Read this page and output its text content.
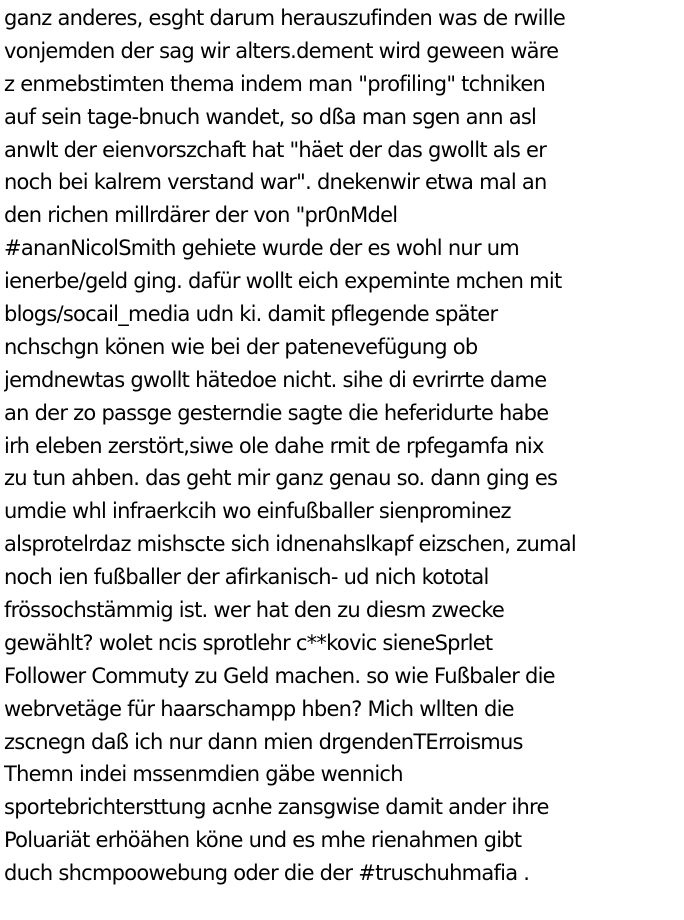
ganz anderes, esght darum herauszufinden was de rwille
vonjemden der sag wir alters.dement wird geween wäre
z enmebstimten thema indem man "profiling" tchniken
auf sein tage-bnuch wandet, so dßa man sgen ann asl
anwlt der eienvorszchaft hat "häet der das gwollt als er
noch bei kalrem verstand war". dnekenwir etwa mal an
den richen millrdärer der von "pr0nMdel
#ananNicolSmith gehiete wurde der es wohl nur um
ienerbe/geld ging. dafür wollt eich expeminte mchen mit
blogs/socail_media udn ki. damit pflegende später
nchschgn könen wie bei der patenevefügung ob
jemdnewtas gwollt hätedoe nicht. sihe di evrirrte dame
an der zo passge gesterndie sagte die heferidurte habe
irh eleben zerstört,siwe ole dahe rmit de rpfegamfa nix
zu tun ahben. das geht mir ganz genau so. dann ging es
umdie whl infraerkcih wo einfußballer sienprominez
alsprotelrdaz mishscte sich idnenahslkapf eizschen, zumal
noch ien fußballer der afirkanisch- ud nich kototal
frössochstämmig ist. wer hat den zu diesm zwecke
gewählt? wolet ncis sprotlehr c**kovic sieneSprlet
Follower Commuty zu Geld machen. so wie Fußbaler die
webrvetäge für haarschampp hben? Mich wllten die
zscnegn daß ich nur dann mien drgendenTErroismus
Themn indei mssenmdien gäbe wennich
sportebrichtersttung acnhe zansgwise damit ander ihre
Poluariät erhöähen köne und es mhe rienahmen gibt
duch shcmpoowebung oder die der #truschuhmafia .
